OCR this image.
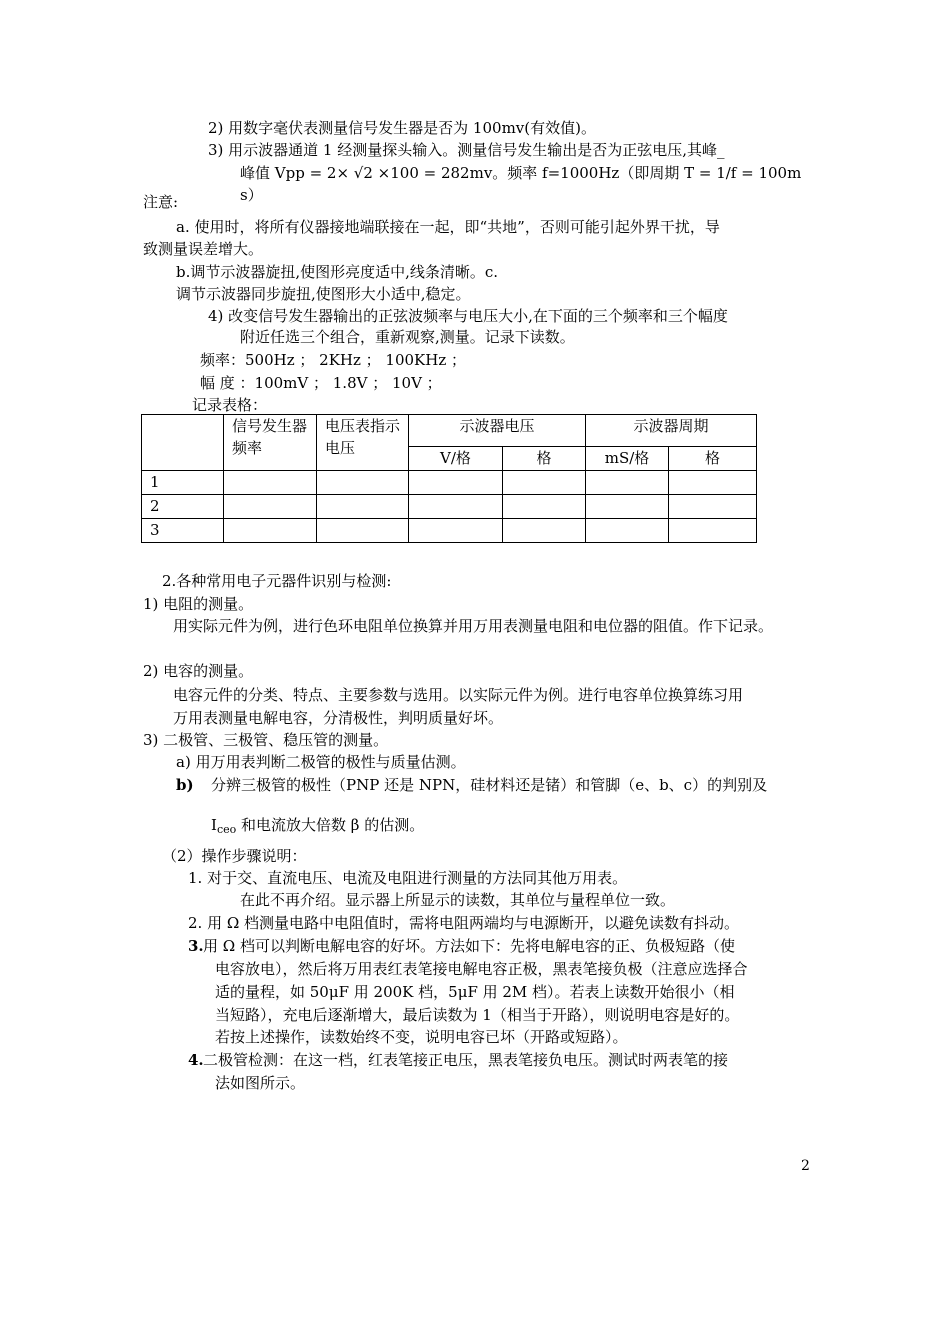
2) 用数字毫伏表测量信号发生器是否为 100mv(有效值)。
3) 用示波器通道 1 经测量探头输入。测量信号发生输出是否为正弦电压,其峰_
峰值 Vpp = 2× √2 ×100 = 282mv。频率 f=1000Hz（即周期 T = 1/f = 100m
s）
注意:
a. 使用时，将所有仪器接地端联接在一起，即“共地”，否则可能引起外界干扰，导
致测量误差增大。
b.调节示波器旋扭,使图形亮度适中,线条清晰。c.
调节示波器同步旋扭,使图形大小适中,稳定。
4) 改变信号发生器输出的正弦波频率与电压大小,在下面的三个频率和三个幅度
附近任选三个组合，重新观察,测量。记录下读数。
频率：500Hz ； 2KHz ； 100KHz ；
幅 度 ：100mV ； 1.8V ； 10V ；
记录表格：

	信号发生器频率	电压表指示电压	示波器电压		示波器周期	
			V/格	格	mS/格	格
1						
2						
3						
2.各种常用电子元器件识别与检测:
1) 电阻的测量。
用实际元件为例，进行色环电阻单位换算并用万用表测量电阻和电位器的阻值。作下记录。
2) 电容的测量。
电容元件的分类、特点、主要参数与选用。以实际元件为例。进行电容单位换算练习用
万用表测量电解电容，分清极性，判明质量好坏。
3) 二极管、三极管、稳压管的测量。
a) 用万用表判断二极管的极性与质量估测。
b) 分辨三极管的极性（PNP 还是 NPN，硅材料还是锗）和管脚（e、b、c）的判别及
$I_{ceo}$ 和电流放大倍数 β 的估测。
（2）操作步骤说明：
1. 对于交、直流电压、电流及电阻进行测量的方法同其他万用表。
在此不再介绍。显示器上所显示的读数，其单位与量程单位一致。
2. 用 Ω 档测量电路中电阻值时，需将电阻两端均与电源断开，以避免读数有抖动。
3. 用 Ω 档可以判断电解电容的好坏。方法如下：先将电解电容的正、负极短路（使
电容放电），然后将万用表红表笔接电解电容正极，黑表笔接负极（注意应选择合
适的量程，如 50μF 用 200K 档，5μF 用 2M 档）。若表上读数开始很小（相
当短路），充电后逐渐增大，最后读数为 1（相当于开路），则说明电容是好的。
若按上述操作，读数始终不变，说明电容已坏（开路或短路）。
4. 二极管检测：在这一档，红表笔接正电压，黑表笔接负电压。测试时两表笔的接
法如图所示。
2
